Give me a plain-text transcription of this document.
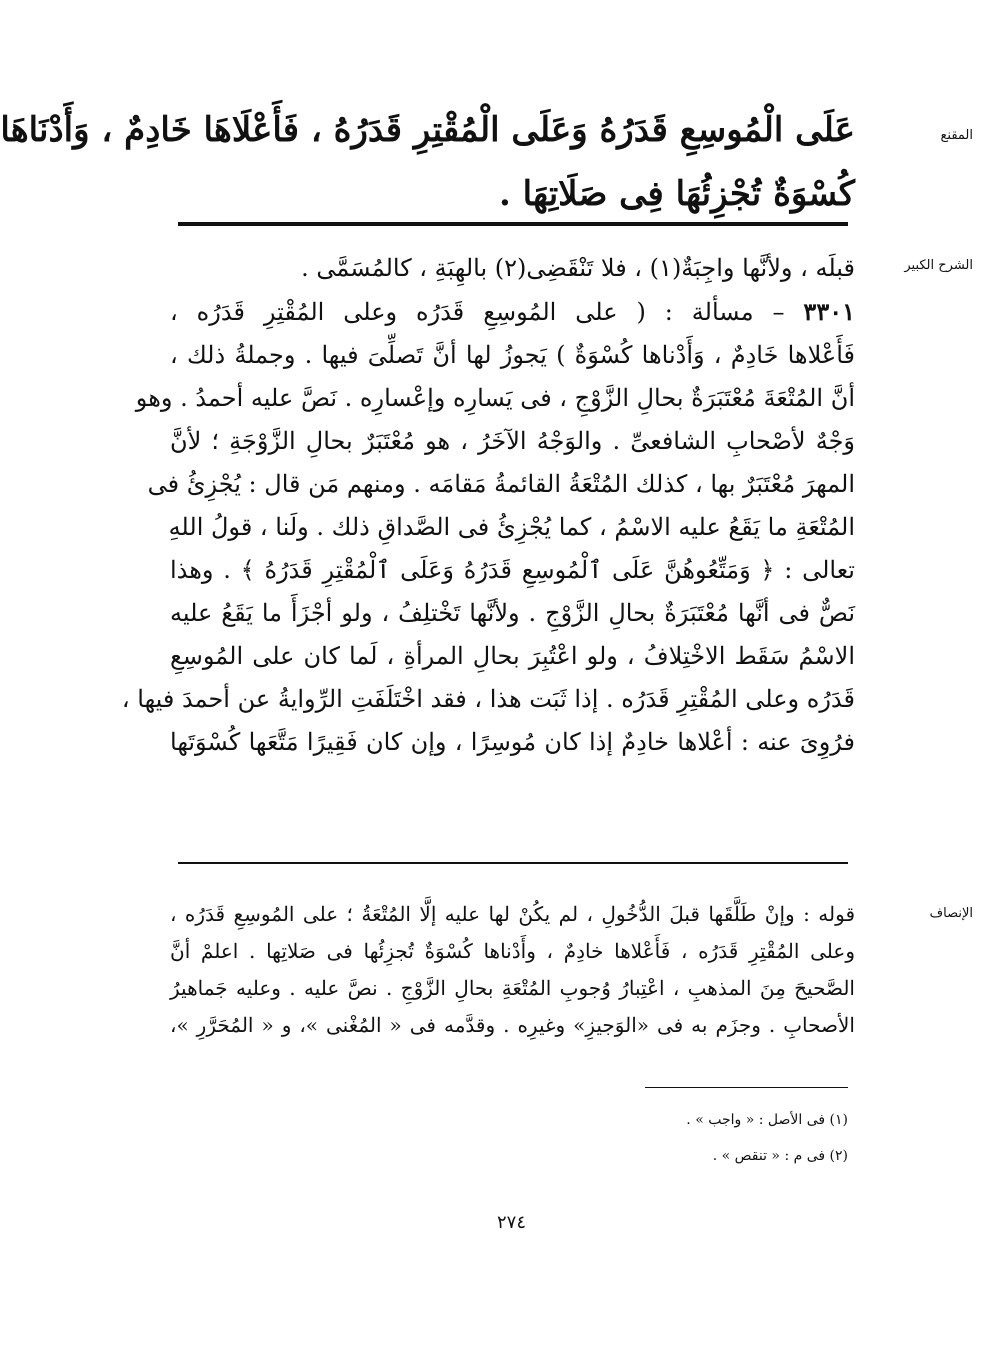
المقنع
عَلَى الْمُوسِعِ قَدَرُهُ وَعَلَى الْمُقْتِرِ قَدَرُهُ ، فَأَعْلَاهَا خَادِمٌ ، وَأَدْنَاهَا
كُسْوَةٌ تُجْزِئُهَا فِى صَلَاتِهَا .
الشرح الكبير
قبلَه ، ولأنَّها واجِبَةٌ(١) ، فلا تَنْقَضِى(٢) بالهِبَةِ ، كالمُسَمَّى .
٣٣٠١ – مسألة : ( على المُوسِعِ قَدَرُه وعلى المُقْتِرِ قَدَرُه ،
فَأَعْلاها خَادِمٌ ، وَأَدْناها كُسْوَةٌ ) يَجوزُ لها أنَّ تَصلِّىَ فيها . وجملةُ ذلك ،
أنَّ المُتْعَةَ مُعْتَبَرَةٌ بحالِ الزَّوْجِ ، فى يَسارِه وإعْسارِه . نَصَّ عليه أحمدُ . وهو
وَجْهٌ لأصْحابِ الشافعىِّ . والوَجْهُ الآخَرُ ، هو مُعْتَبَرٌ بحالِ الزَّوْجَةِ ؛ لأنَّ
المهرَ مُعْتَبَرٌ بها ، كذلك المُتْعَةُ القائمةُ مَقامَه . ومنهم مَن قال : يُجْزِئُ فى
المُتْعَةِ ما يَقَعُ عليه الاسْمُ ، كما يُجْزِئُ فى الصَّداقِ ذلك . ولَنا ، قولُ اللهِ
تعالى : ﴿ وَمَتِّعُوهُنَّ عَلَى ٱلْمُوسِعِ قَدَرُهُ وَعَلَى ٱلْمُقْتِرِ قَدَرُهُ ﴾ . وهذا
نَصٌّ فى أنَّها مُعْتَبَرَةٌ بحالِ الزَّوْجِ . ولأنَّها تَخْتلِفُ ، ولو أجْزَأَ ما يَقَعُ عليه
الاسْمُ سَقَط الاخْتِلافُ ، ولو اعْتُبِرَ بحالِ المرأةِ ، لَما كان على المُوسِعِ
قَدَرُه وعلى المُقْتِرِ قَدَرُه . إذا ثَبَت هذا ، فقد اخْتَلَفَتِ الرِّوايةُ عن أحمدَ فيها ،
فرُوِىَ عنه : أعْلاها خادِمٌ إذا كان مُوسِرًا ، وإن كان فَقِيرًا مَتَّعَها كُسْوَتَها
الإنصاف
قوله : وإنْ طَلَّقَها قبلَ الدُّخُولِ ، لم يكُنْ لها عليه إلَّا المُتْعَةُ ؛ على المُوسِعِ قَدَرُه ،
وعلى المُقْتِرِ قَدَرُه ، فَأَعْلاها خادِمٌ ، وأَدْناها كُسْوَةٌ تُجزِئُها فى صَلاتِها . اعلمْ أنَّ
الصَّحيحَ مِنَ المذهبِ ، اعْتِبارُ وُجوبِ المُتْعَةِ بحالِ الزَّوْجِ . نصَّ عليه . وعليه جَماهيرُ
الأصحابِ . وجزَم به فى «الوَجيزِ» وغيرِه . وقدَّمه فى « المُغْنى »، و « المُحَرَّرِ »،
(١) فى الأصل : « واجب » .
(٢) فى م : « تنقص » .
٢٧٤
